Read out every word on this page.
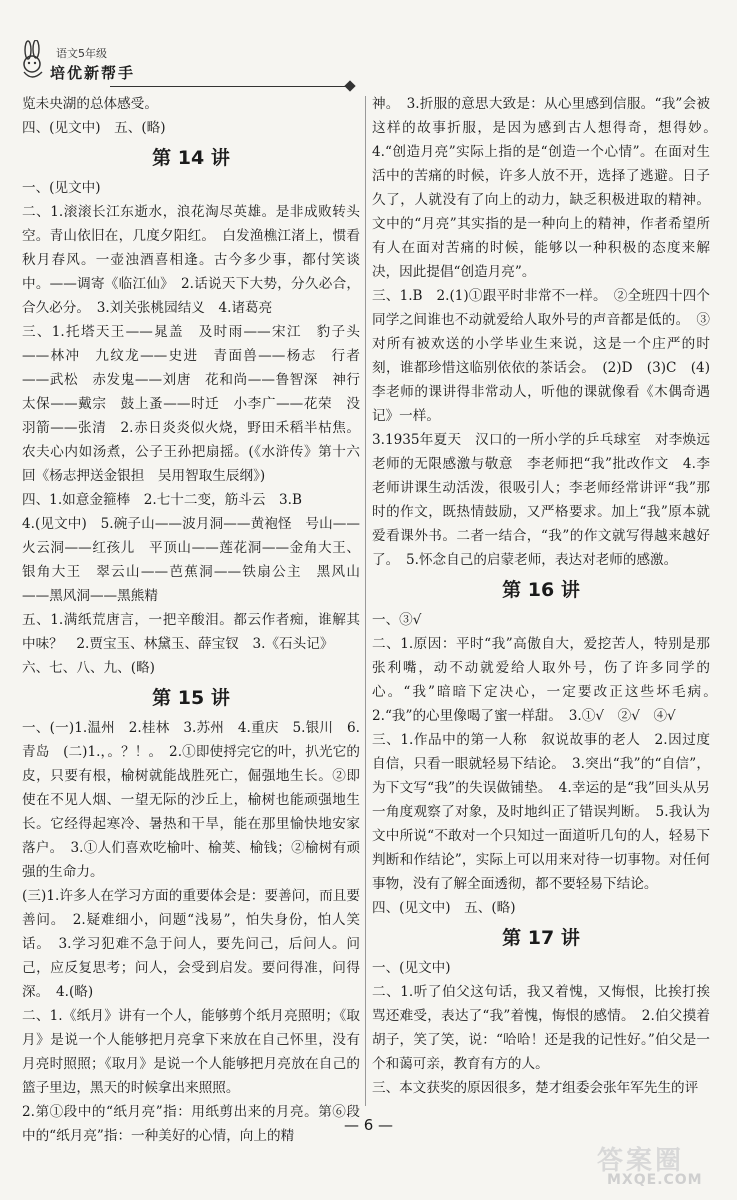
语文5年级
培优新帮手

览未央湖的总体感受。

四、(见文中)　五、(略)

第 14 讲

一、(见文中)

二、1.滚滚长江东逝水，浪花淘尽英雄。是非成败转头空。青山依旧在，几度夕阳红。　白发渔樵江渚上，惯看秋月春风。一壶浊酒喜相逢。古今多少事，都付笑谈中。——调寄《临江仙》　2.话说天下大势，分久必合，合久必分。　3.刘关张桃园结义　4.诸葛亮

三、1.托塔天王——晁盖　及时雨——宋江　豹子头——林冲　九纹龙——史进　青面兽——杨志　行者——武松　赤发鬼——刘唐　花和尚——鲁智深　神行太保——戴宗　鼓上蚤——时迁　小李广——花荣　没羽箭——张清　2.赤日炎炎似火烧，野田禾稻半枯焦。农夫心内如汤煮，公子王孙把扇摇。(《水浒传》第十六回《杨志押送金银担　吴用智取生辰纲》)

四、1.如意金箍棒　2.七十二变，筋斗云　3.B

4.(见文中)　5.碗子山——波月洞——黄袍怪　号山——火云洞——红孩儿　平顶山——莲花洞——金角大王、银角大王　翠云山——芭蕉洞——铁扇公主　黑风山——黑风洞——黑熊精

五、1.满纸荒唐言，一把辛酸泪。都云作者痴，谁解其中味？　2.贾宝玉、林黛玉、薛宝钗　3.《石头记》

六、七、八、九、(略)

第 15 讲

一、(一)1.温州　2.桂林　3.苏州　4.重庆　5.银川　6.青岛　(二)1.，。？！。　2.①即使捋完它的叶，扒光它的皮，只要有根，榆树就能战胜死亡，倔强地生长。②即使在不见人烟、一望无际的沙丘上，榆树也能顽强地生长。它经得起寒冷、暑热和干旱，能在那里愉快地安家落户。　3.①人们喜欢吃榆叶、榆荚、榆钱；②榆树有顽强的生命力。

(三)1.许多人在学习方面的重要体会是：要善问，而且要善问。　2.疑难细小，问题“浅易”，怕失身份，怕人笑话。　3.学习犯难不急于问人，要先问己，后问人。问己，应反复思考；问人，会受到启发。要问得准，问得深。　4.(略)

二、1.《纸月》讲有一个人，能够剪个纸月亮照明；《取月》是说一个人能够把月亮拿下来放在自己怀里，没有月亮时照照；《取月》是说一个人能够把月亮放在自己的篮子里边，黑天的时候拿出来照照。

2.第①段中的“纸月亮”指：用纸剪出来的月亮。第⑥段中的“纸月亮”指：一种美好的心情，向上的精

神。　3.折服的意思大致是：从心里感到信服。“我”会被这样的故事折服，是因为感到古人想得奇，想得妙。　4.“创造月亮”实际上指的是“创造一个心情”。在面对生活中的苦痛的时候，许多人放不开，选择了逃避。日子久了，人就没有了向上的动力，缺乏积极进取的精神。文中的“月亮”其实指的是一种向上的精神，作者希望所有人在面对苦痛的时候，能够以一种积极的态度来解决，因此提倡“创造月亮”。

三、1.B　2.(1)①跟平时非常不一样。　②全班四十四个同学之间谁也不动就爱给人取外号的声音都是低的。　③对所有被欢送的小学毕业生来说，这是一个庄严的时刻，谁都珍惜这临别依依的茶话会。　(2)D　(3)C　(4)李老师的课讲得非常动人，听他的课就像看《木偶奇遇记》一样。

3.1935年夏天　汉口的一所小学的乒乓球室　对李焕远老师的无限感激与敬意　李老师把“我”批改作文　4.李老师讲课生动活泼，很吸引人；李老师经常讲评“我”那时的作文，既热情鼓励，又严格要求。加上“我”原本就爱看课外书。二者一结合，“我”的作文就写得越来越好了。　5.怀念自己的启蒙老师，表达对老师的感激。

第 16 讲

一、③√

二、1.原因：平时“我”高傲自大，爱挖苦人，特别是那张利嘴，动不动就爱给人取外号，伤了许多同学的心。“我”暗暗下定决心，一定要改正这些坏毛病。　2.“我”的心里像喝了蜜一样甜。　3.①√　②√　④√

三、1.作品中的第一人称　叙说故事的老人　2.因过度自信，只看一眼就轻易下结论。　3.突出“我”的“自信”，为下文写“我”的失误做铺垫。　4.幸运的是“我”回头从另一角度观察了对象，及时地纠正了错误判断。　5.我认为文中所说“不敢对一个只知过一面道听几句的人，轻易下判断和作结论”，实际上可以用来对待一切事物。对任何事物，没有了解全面透彻，都不要轻易下结论。

四、(见文中)　五、(略)

第 17 讲

一、(见文中)

二、1.听了伯父这句话，我又着愧，又悔恨，比挨打挨骂还难受，表达了“我”着愧，悔恨的感情。　2.伯父摸着胡子，笑了笑，说：“哈哈！还是我的记性好。”伯父是一个和蔼可亲，教育有方的人。

三、本文获奖的原因很多，楚才组委会张年军先生的评

— 6 —
答案圈
MXQE.COM
